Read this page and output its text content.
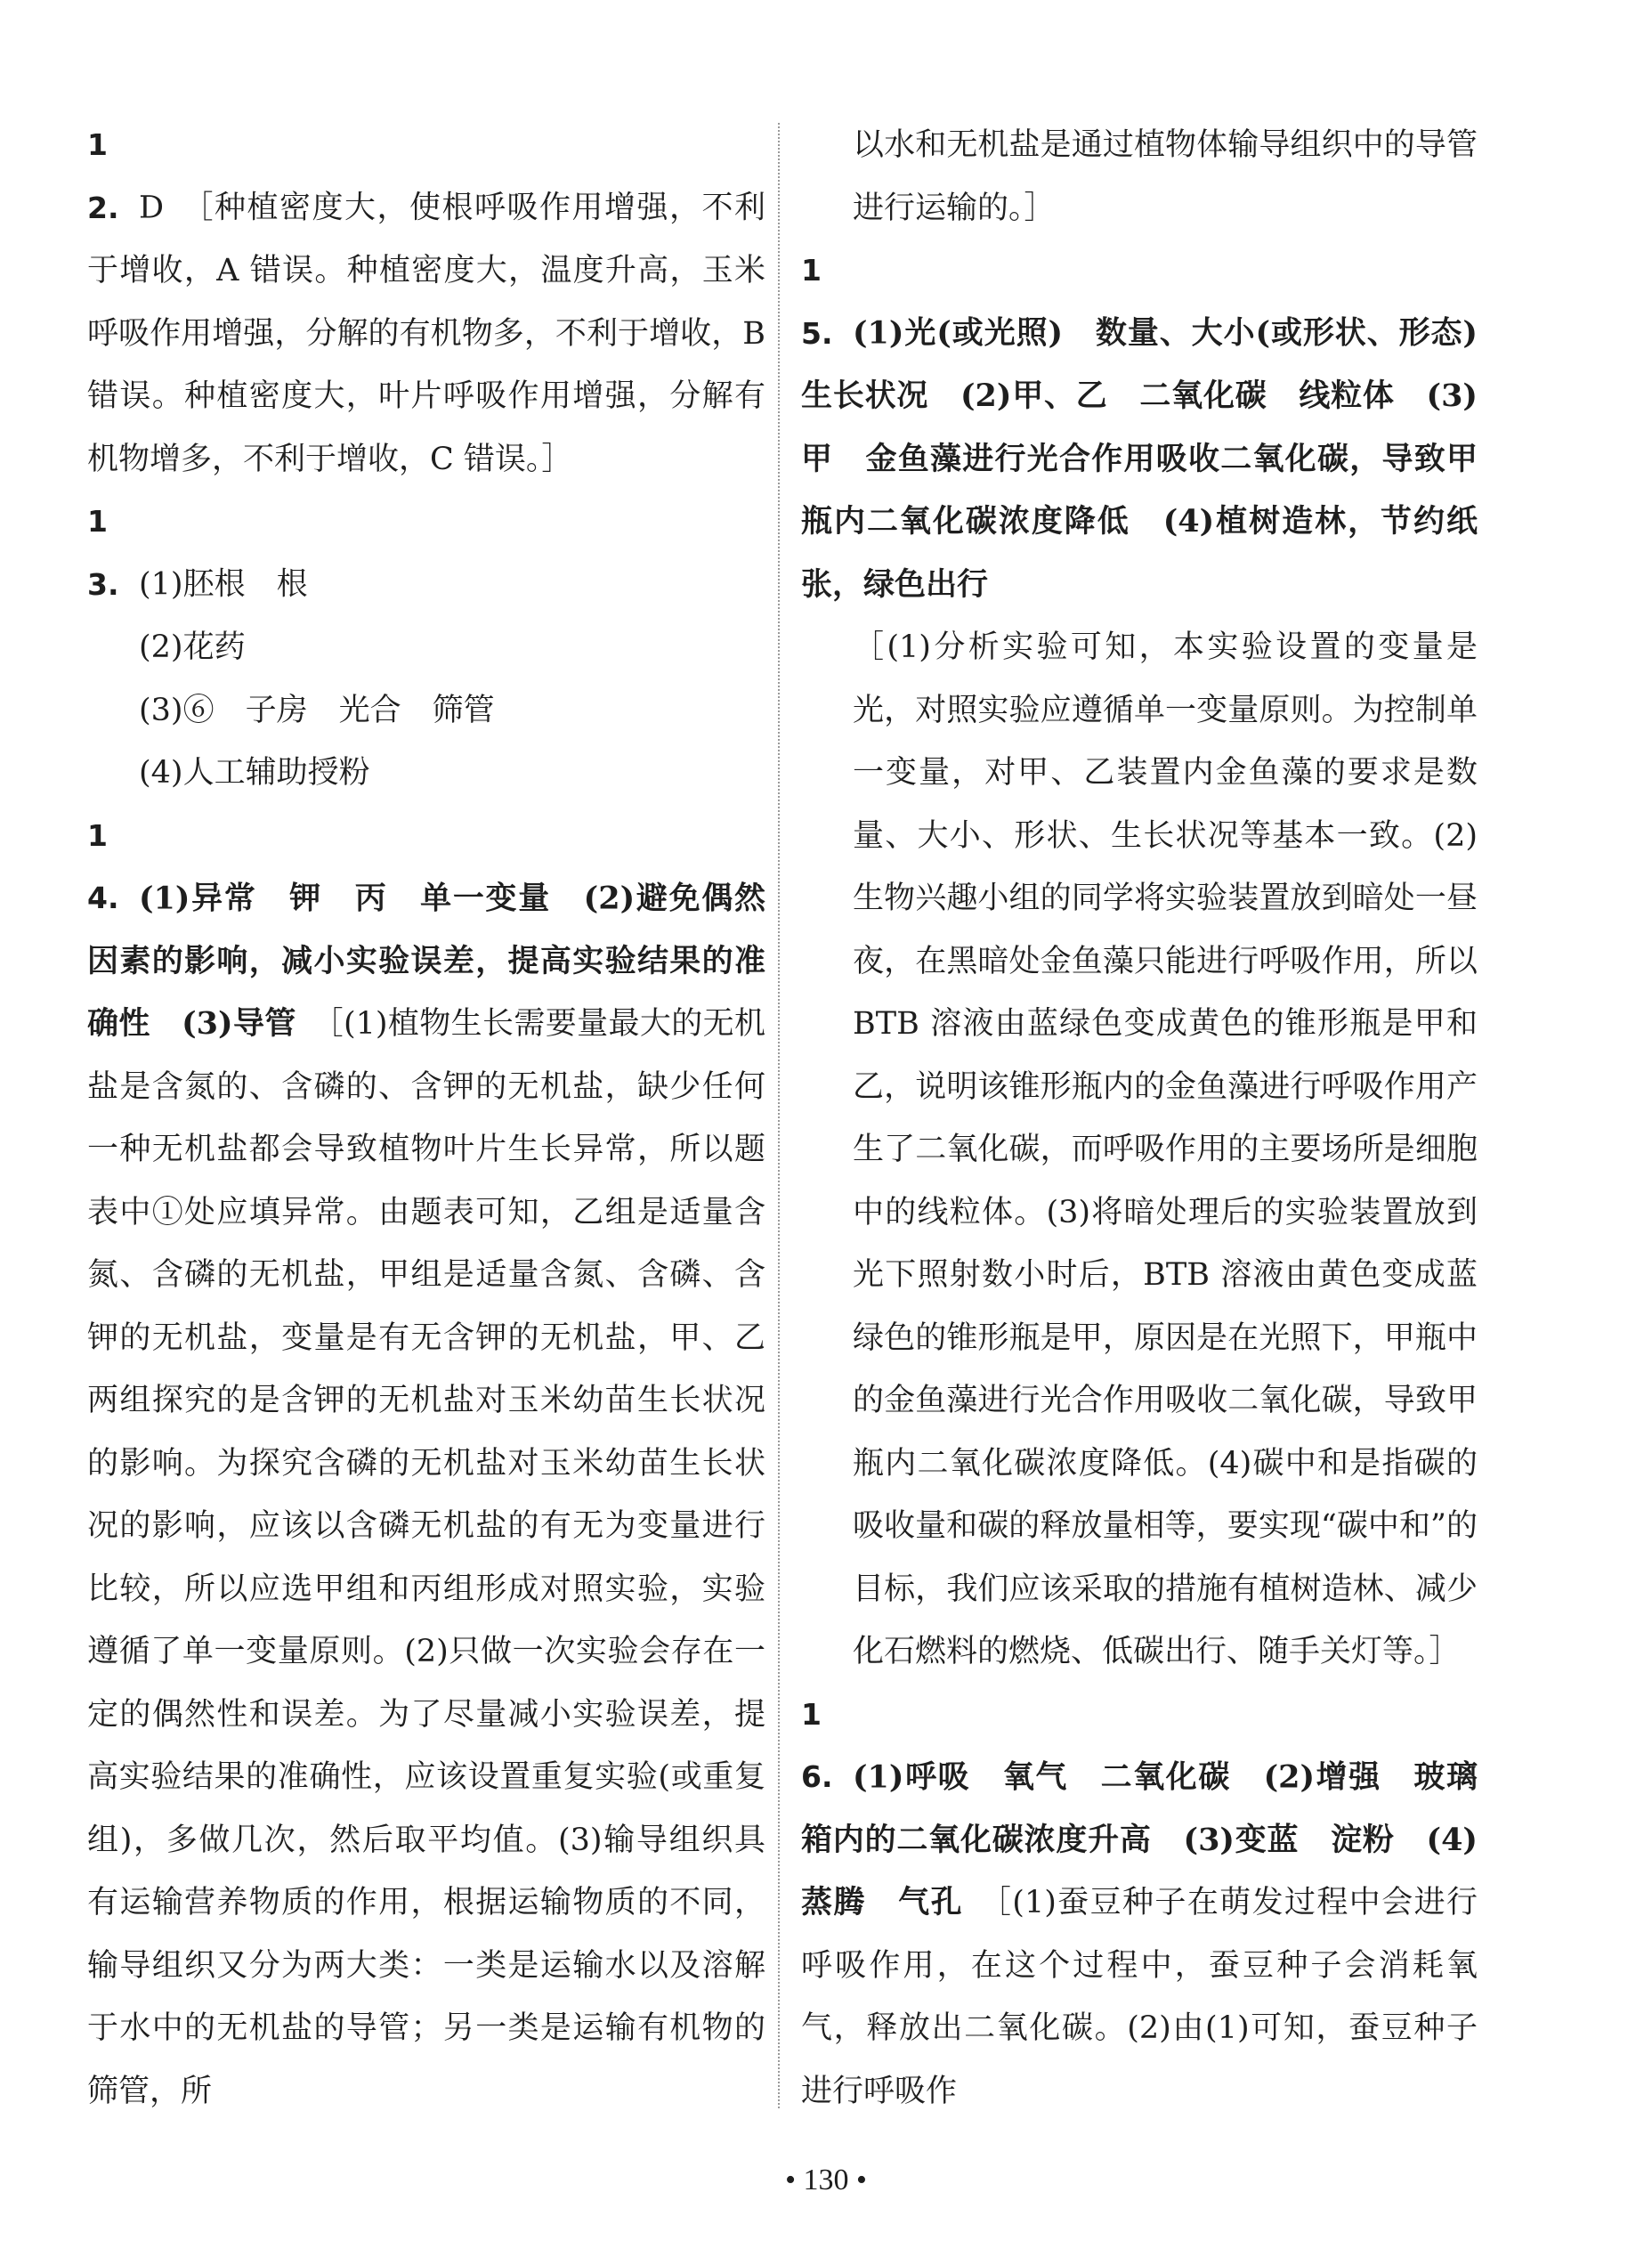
12. D　［种植密度大，使根呼吸作用增强，不利于增收，A 错误。种植密度大，温度升高，玉米呼吸作用增强，分解的有机物多，不利于增收，B 错误。种植密度大，叶片呼吸作用增强，分解有机物增多，不利于增收，C 错误。］

13. (1)胚根　根

(2)花药

(3)⑥　子房　光合　筛管

(4)人工辅助授粉

14. (1)异常　钾　丙　单一变量　(2)避免偶然因素的影响，减小实验误差，提高实验结果的准确性　(3)导管　 ［(1)植物生长需要量最大的无机盐是含氮的、含磷的、含钾的无机盐，缺少任何一种无机盐都会导致植物叶片生长异常，所以题表中①处应填异常。由题表可知，乙组是适量含氮、含磷的无机盐，甲组是适量含氮、含磷、含钾的无机盐，变量是有无含钾的无机盐，甲、乙两组探究的是含钾的无机盐对玉米幼苗生长状况的影响。为探究含磷的无机盐对玉米幼苗生长状况的影响，应该以含磷无机盐的有无为变量进行比较，所以应选甲组和丙组形成对照实验，实验遵循了单一变量原则。(2)只做一次实验会存在一定的偶然性和误差。为了尽量减小实验误差，提高实验结果的准确性，应该设置重复实验(或重复组)，多做几次，然后取平均值。(3)输导组织具有运输营养物质的作用，根据运输物质的不同，输导组织又分为两大类：一类是运输水以及溶解于水中的无机盐的导管；另一类是运输有机物的筛管，所

以水和无机盐是通过植物体输导组织中的导管进行运输的。］

15. (1)光(或光照)　数量、大小(或形状、形态)　生长状况　(2)甲、乙　二氧化碳　线粒体　(3)甲　金鱼藻进行光合作用吸收二氧化碳，导致甲瓶内二氧化碳浓度降低　(4)植树造林，节约纸张，绿色出行

［(1)分析实验可知，本实验设置的变量是光，对照实验应遵循单一变量原则。为控制单一变量，对甲、乙装置内金鱼藻的要求是数量、大小、形状、生长状况等基本一致。(2)生物兴趣小组的同学将实验装置放到暗处一昼夜，在黑暗处金鱼藻只能进行呼吸作用，所以 BTB 溶液由蓝绿色变成黄色的锥形瓶是甲和乙，说明该锥形瓶内的金鱼藻进行呼吸作用产生了二氧化碳，而呼吸作用的主要场所是细胞中的线粒体。(3)将暗处理后的实验装置放到光下照射数小时后，BTB 溶液由黄色变成蓝绿色的锥形瓶是甲，原因是在光照下，甲瓶中的金鱼藻进行光合作用吸收二氧化碳，导致甲瓶内二氧化碳浓度降低。(4)碳中和是指碳的吸收量和碳的释放量相等，要实现“碳中和”的目标，我们应该采取的措施有植树造林、减少化石燃料的燃烧、低碳出行、随手关灯等。］

16. (1)呼吸　氧气　二氧化碳　(2)增强　玻璃箱内的二氧化碳浓度升高　(3)变蓝　淀粉　(4)蒸腾　气孔　 ［(1)蚕豆种子在萌发过程中会进行呼吸作用，在这个过程中，蚕豆种子会消耗氧气，释放出二氧化碳。(2)由(1)可知，蚕豆种子进行呼吸作

• 130 •
